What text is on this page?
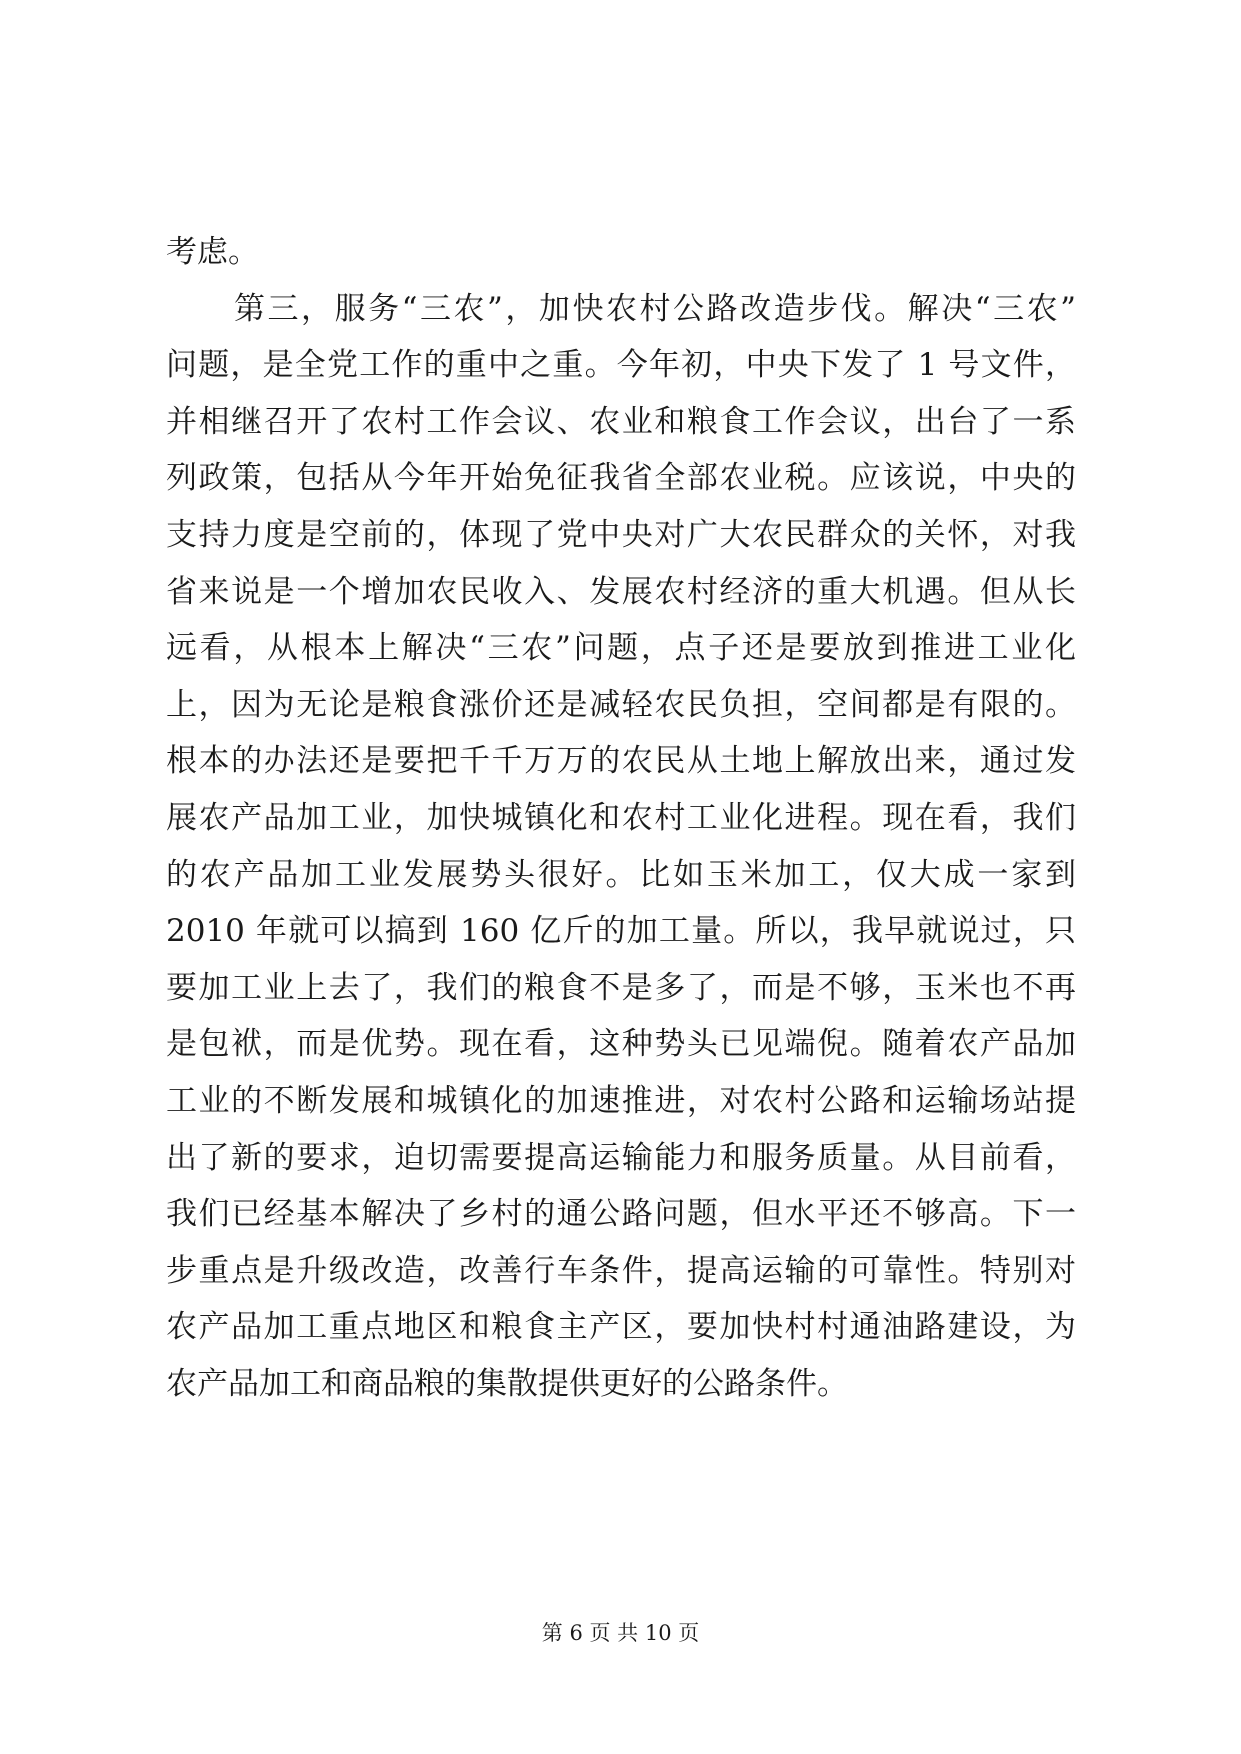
考虑。
第三，服务“三农”，加快农村公路改造步伐。解决“三农”
问题，是全党工作的重中之重。今年初，中央下发了 1 号文件，
并相继召开了农村工作会议、农业和粮食工作会议，出台了一系
列政策，包括从今年开始免征我省全部农业税。应该说，中央的
支持力度是空前的，体现了党中央对广大农民群众的关怀，对我
省来说是一个增加农民收入、发展农村经济的重大机遇。但从长
远看，从根本上解决“三农”问题，点子还是要放到推进工业化
上，因为无论是粮食涨价还是减轻农民负担，空间都是有限的。
根本的办法还是要把千千万万的农民从土地上解放出来，通过发
展农产品加工业，加快城镇化和农村工业化进程。现在看，我们
的农产品加工业发展势头很好。比如玉米加工，仅大成一家到
2010 年就可以搞到 160 亿斤的加工量。所以，我早就说过，只
要加工业上去了，我们的粮食不是多了，而是不够，玉米也不再
是包袱，而是优势。现在看，这种势头已见端倪。随着农产品加
工业的不断发展和城镇化的加速推进，对农村公路和运输场站提
出了新的要求，迫切需要提高运输能力和服务质量。从目前看，
我们已经基本解决了乡村的通公路问题，但水平还不够高。下一
步重点是升级改造，改善行车条件，提高运输的可靠性。特别对
农产品加工重点地区和粮食主产区，要加快村村通油路建设，为
农产品加工和商品粮的集散提供更好的公路条件。
第 6 页 共 10 页
